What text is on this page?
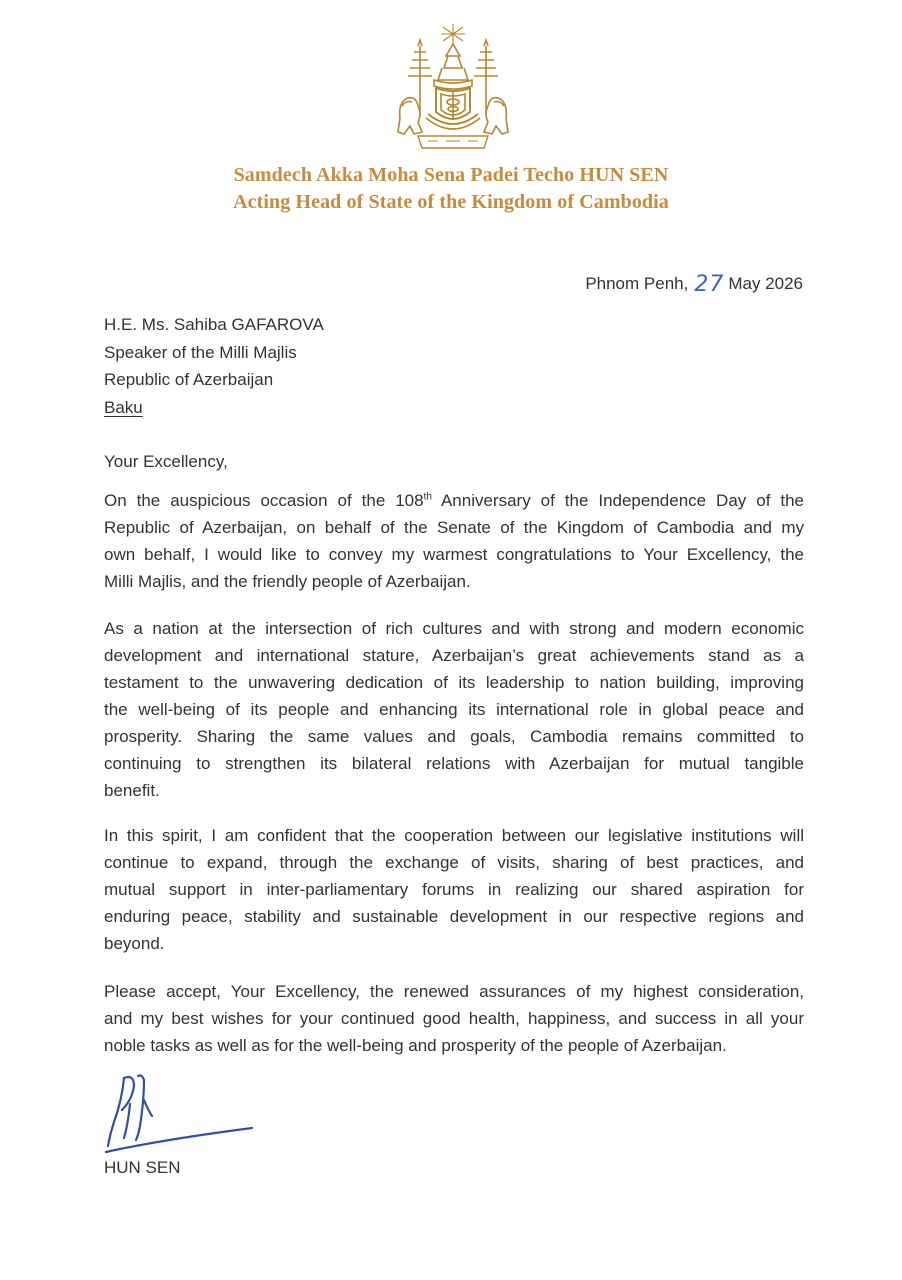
Samdech Akka Moha Sena Padei Techo HUN SEN
Acting Head of State of the Kingdom of Cambodia
Phnom Penh, 27 May 2026
H.E. Ms. Sahiba GAFAROVA
Speaker of the Milli Majlis
Republic of Azerbaijan
Baku
Your Excellency,
On the auspicious occasion of the 108th Anniversary of the Independence Day of the
Republic of Azerbaijan, on behalf of the Senate of the Kingdom of Cambodia and my
own behalf, I would like to convey my warmest congratulations to Your Excellency, the
Milli Majlis, and the friendly people of Azerbaijan.
As a nation at the intersection of rich cultures and with strong and modern economic
development and international stature, Azerbaijan’s great achievements stand as a
testament to the unwavering dedication of its leadership to nation building, improving
the well-being of its people and enhancing its international role in global peace and
prosperity. Sharing the same values and goals, Cambodia remains committed to
continuing to strengthen its bilateral relations with Azerbaijan for mutual tangible
benefit.
In this spirit, I am confident that the cooperation between our legislative institutions will
continue to expand, through the exchange of visits, sharing of best practices, and
mutual support in inter-parliamentary forums in realizing our shared aspiration for
enduring peace, stability and sustainable development in our respective regions and
beyond.
Please accept, Your Excellency, the renewed assurances of my highest consideration,
and my best wishes for your continued good health, happiness, and success in all your
noble tasks as well as for the well-being and prosperity of the people of Azerbaijan.
HUN SEN
